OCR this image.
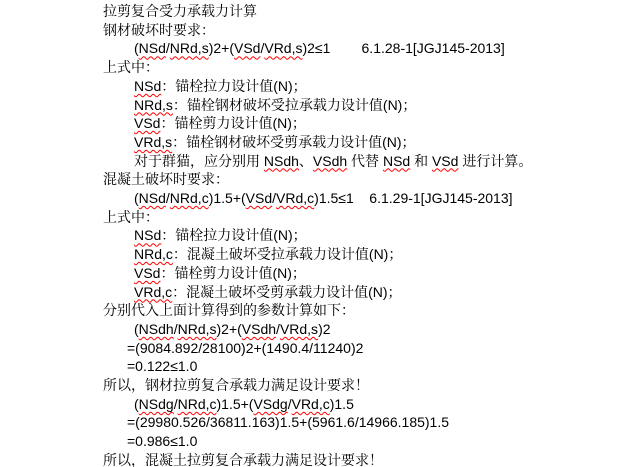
拉剪复合受力承载力计算
钢材破坏时要求：
(NSd/NRd,s)2+(VSd/VRd,s)2≤1        6.1.28-1[JGJ145-2013]
上式中：
NSd：锚栓拉力设计值(N)；
NRd,s：锚栓钢材破坏受拉承载力设计值(N)；
VSd：锚栓剪力设计值(N)；
VRd,s：锚栓钢材破坏受剪承载力设计值(N)；
对于群猫，应分别用 NSdh、VSdh 代替 NSd 和 VSd 进行计算。
混凝土破坏时要求：
(NSd/NRd,c)1.5+(VSd/VRd,c)1.5≤1    6.1.29-1[JGJ145-2013]
上式中：
NSd：锚栓拉力设计值(N)；
NRd,c：混凝土破坏受拉承载力设计值(N)；
VSd：锚栓剪力设计值(N)；
VRd,c：混凝土破坏受剪承载力设计值(N)；
分别代入上面计算得到的参数计算如下：
(NSdh/NRd,s)2+(VSdh/VRd,s)2
=(9084.892/28100)2+(1490.4/11240)2
=0.122≤1.0
所以，钢材拉剪复合承载力满足设计要求！
(NSdg/NRd,c)1.5+(VSdg/VRd,c)1.5
=(29980.526/36811.163)1.5+(5961.6/14966.185)1.5
=0.986≤1.0
所以，混凝土拉剪复合承载力满足设计要求！
